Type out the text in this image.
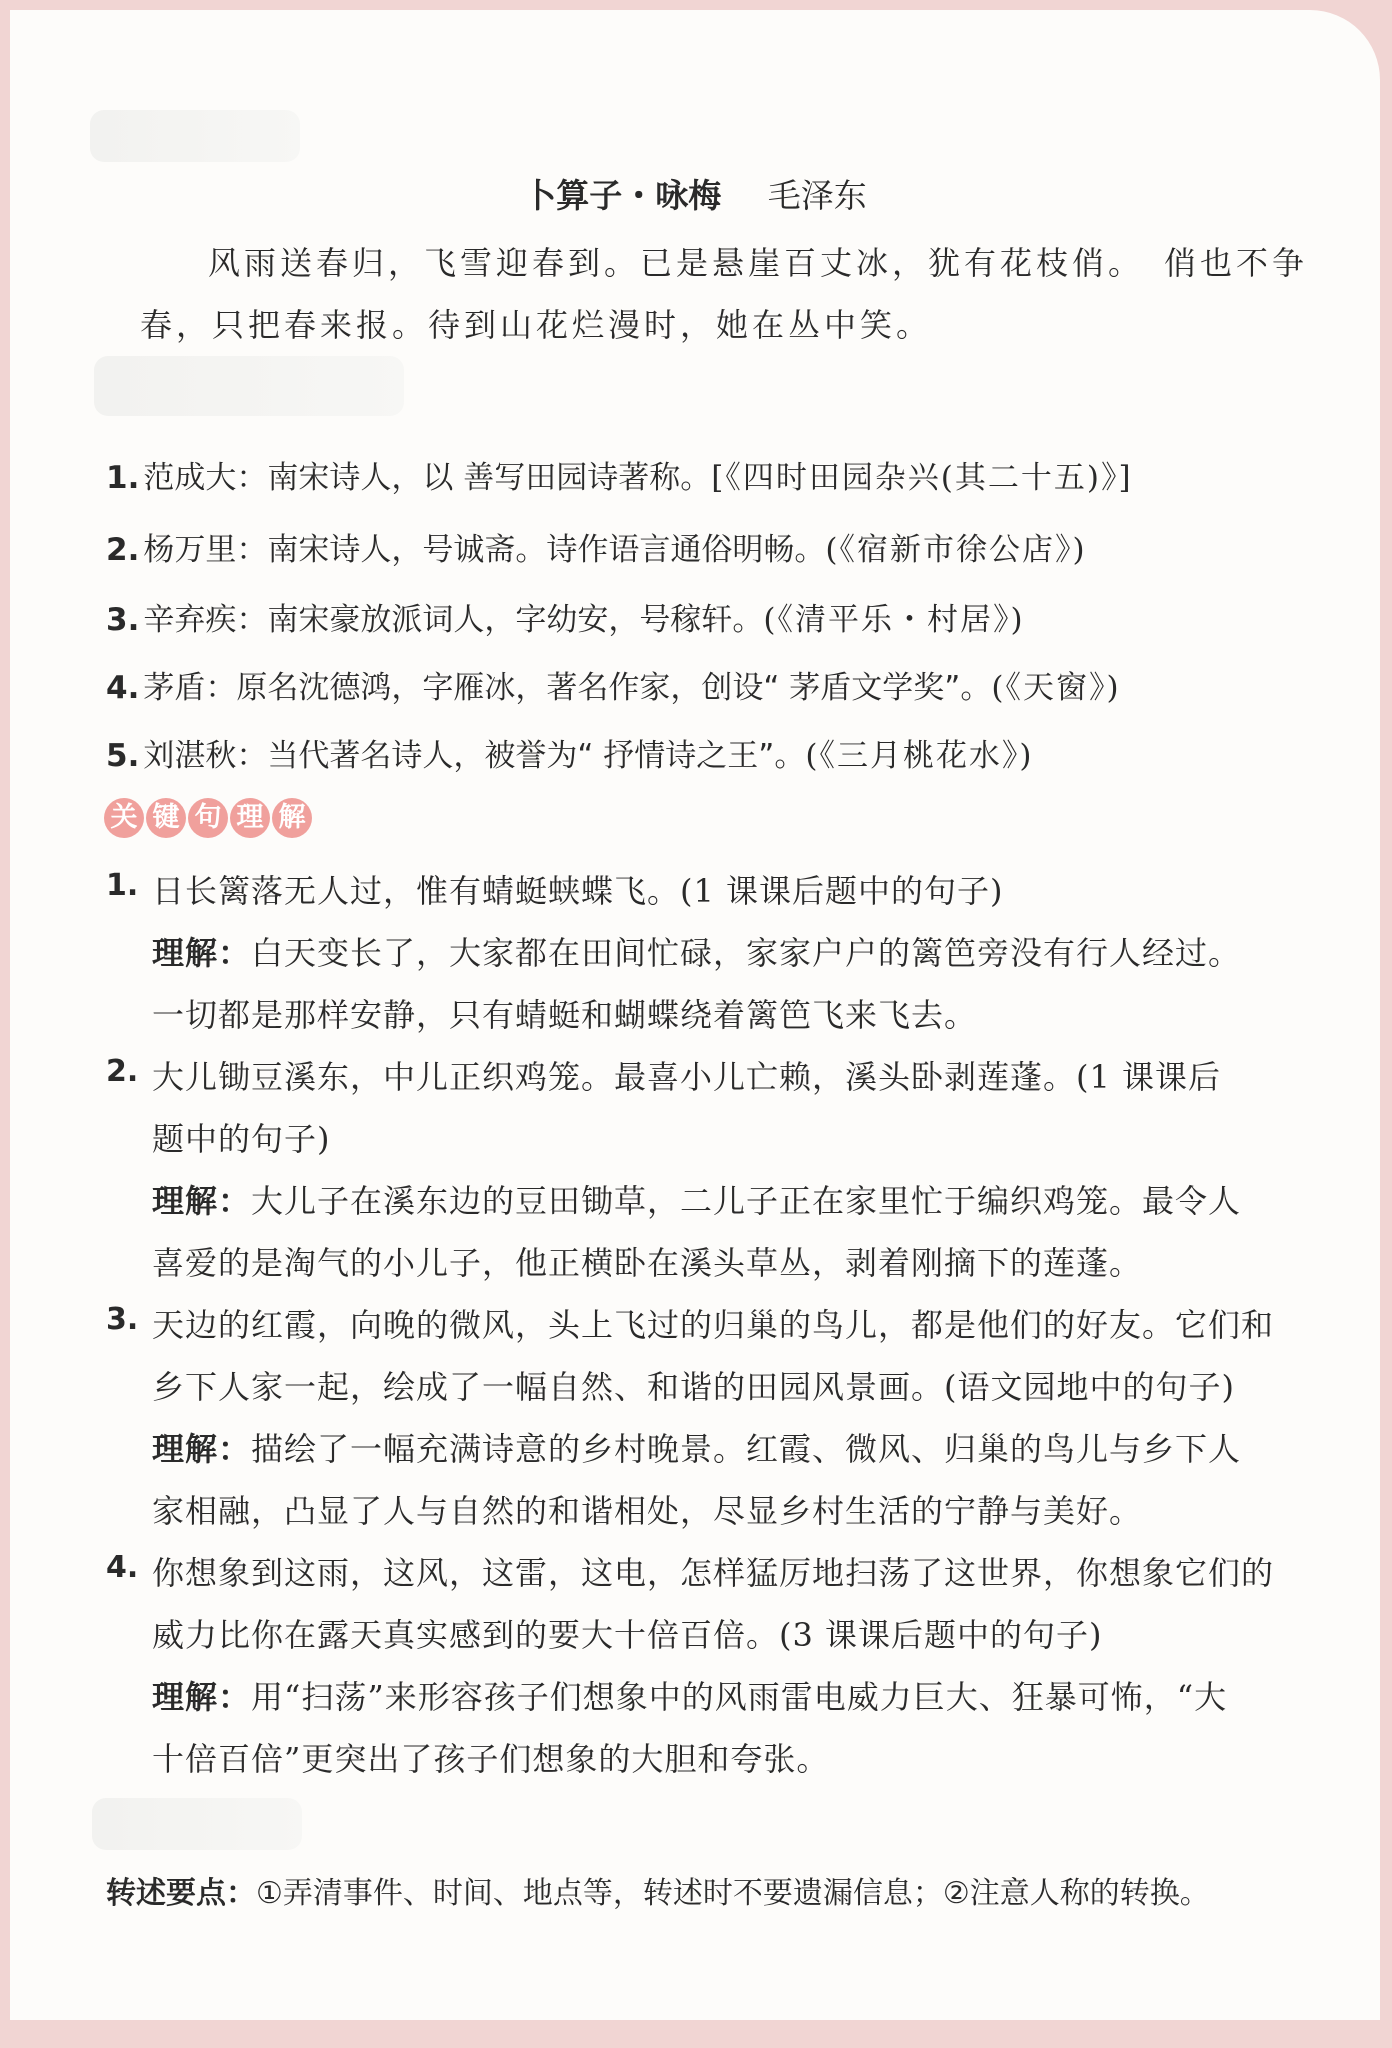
卜算子・咏梅 毛泽东
风雨送春归，飞雪迎春到。已是悬崖百丈冰，犹有花枝俏。　俏也不争
春，只把春来报。待到山花烂漫时，她在丛中笑。
1. 范成大：南宋诗人，以 善写田园诗著称。[《四时田园杂兴(其二十五)》]
2. 杨万里：南宋诗人，号诚斋。诗作语言通俗明畅。(《宿新市徐公店》)
3. 辛弃疾：南宋豪放派词人，字幼安，号稼轩。(《清平乐・村居》)
4. 茅盾：原名沈德鸿，字雁冰，著名作家，创设“ 茅盾文学奖”。(《天窗》)
5. 刘湛秋：当代著名诗人，被誉为“ 抒情诗之王”。(《三月桃花水》)
关 键 句 理 解
1. 日长篱落无人过，惟有蜻蜓蛱蝶飞。(1 课课后题中的句子)
理解：白天变长了，大家都在田间忙碌，家家户户的篱笆旁没有行人经过。
一切都是那样安静，只有蜻蜓和蝴蝶绕着篱笆飞来飞去。
2. 大儿锄豆溪东，中儿正织鸡笼。最喜小儿亡赖，溪头卧剥莲蓬。(1 课课后
题中的句子)
理解：大儿子在溪东边的豆田锄草，二儿子正在家里忙于编织鸡笼。最令人
喜爱的是淘气的小儿子，他正横卧在溪头草丛，剥着刚摘下的莲蓬。
3. 天边的红霞，向晚的微风，头上飞过的归巢的鸟儿，都是他们的好友。它们和
乡下人家一起，绘成了一幅自然、和谐的田园风景画。(语文园地中的句子)
理解：描绘了一幅充满诗意的乡村晚景。红霞、微风、归巢的鸟儿与乡下人
家相融，凸显了人与自然的和谐相处，尽显乡村生活的宁静与美好。
4. 你想象到这雨，这风，这雷，这电，怎样猛厉地扫荡了这世界，你想象它们的
威力比你在露天真实感到的要大十倍百倍。(3 课课后题中的句子)
理解：用“扫荡”来形容孩子们想象中的风雨雷电威力巨大、狂暴可怖，“大
十倍百倍”更突出了孩子们想象的大胆和夸张。
转述要点：①弄清事件、时间、地点等，转述时不要遗漏信息；②注意人称的转换。
